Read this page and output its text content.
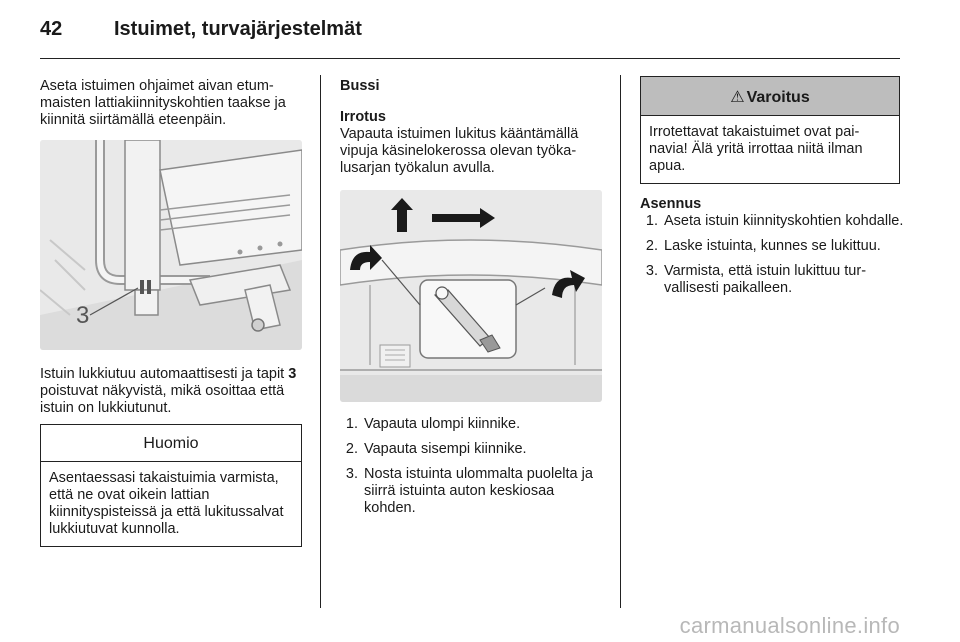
42	Istuimet, turvajärjestelmät

Aseta istuimen ohjaimet aivan etummaisten lattiakiinnityskohtien taakse ja kiinnitä siirtämällä eteenpäin.

3
Istuin lukkiutuu automaattisesti ja tapit 3 poistuvat näkyvistä, mikä osoittaa että istuin on lukkiutunut.
Huomio
Asentaessasi takaistuimia varmista, että ne ovat oikein lattian kiinnityspisteissä ja että lukitussalvat lukkiutuvat kunnolla.

Bussi

Irrotus

Vapauta istuimen lukitus kääntämällä vipuja käsinelokerossa olevan työkalusarjan työkalun avulla.

1. Vapauta ulompi kiinnike.
2. Vapauta sisempi kiinnike.
3. Nosta istuinta ulommalta puolelta ja siirrä istuinta auton keskiosaa kohden.
⚠ Varoitus
Irrotettavat takaistuimet ovat painavia! Älä yritä irrottaa niitä ilman apua.

Asennus

1. Aseta istuin kiinnityskohtien kohdalle.
2. Laske istuinta, kunnes se lukittuu.
3. Varmista, että istuin lukittuu turvallisesti paikalleen.
carmanualsonline.info
